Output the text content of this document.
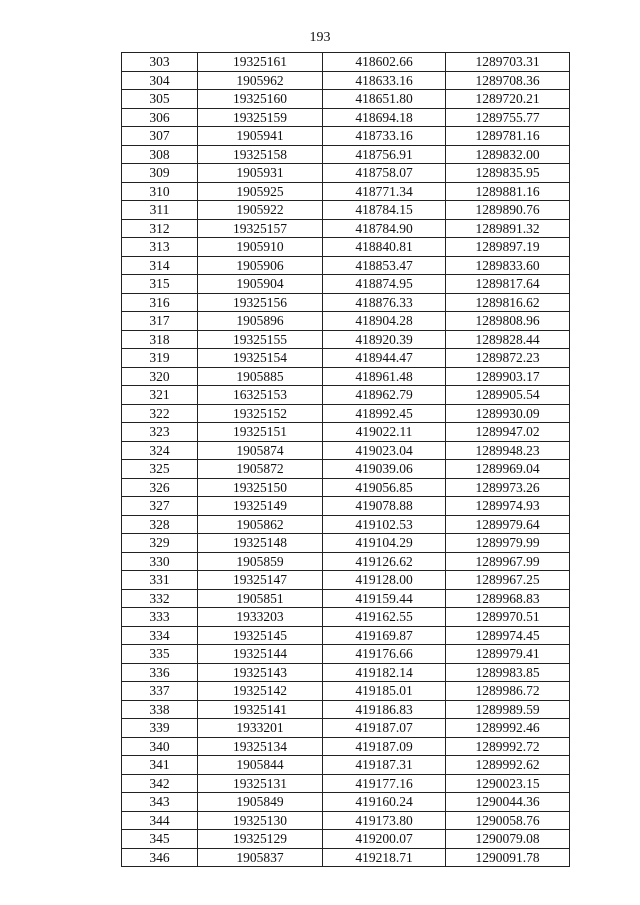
193
303	19325161	418602.66	1289703.31
304	1905962	418633.16	1289708.36
305	19325160	418651.80	1289720.21
306	19325159	418694.18	1289755.77
307	1905941	418733.16	1289781.16
308	19325158	418756.91	1289832.00
309	1905931	418758.07	1289835.95
310	1905925	418771.34	1289881.16
311	1905922	418784.15	1289890.76
312	19325157	418784.90	1289891.32
313	1905910	418840.81	1289897.19
314	1905906	418853.47	1289833.60
315	1905904	418874.95	1289817.64
316	19325156	418876.33	1289816.62
317	1905896	418904.28	1289808.96
318	19325155	418920.39	1289828.44
319	19325154	418944.47	1289872.23
320	1905885	418961.48	1289903.17
321	16325153	418962.79	1289905.54
322	19325152	418992.45	1289930.09
323	19325151	419022.11	1289947.02
324	1905874	419023.04	1289948.23
325	1905872	419039.06	1289969.04
326	19325150	419056.85	1289973.26
327	19325149	419078.88	1289974.93
328	1905862	419102.53	1289979.64
329	19325148	419104.29	1289979.99
330	1905859	419126.62	1289967.99
331	19325147	419128.00	1289967.25
332	1905851	419159.44	1289968.83
333	1933203	419162.55	1289970.51
334	19325145	419169.87	1289974.45
335	19325144	419176.66	1289979.41
336	19325143	419182.14	1289983.85
337	19325142	419185.01	1289986.72
338	19325141	419186.83	1289989.59
339	1933201	419187.07	1289992.46
340	19325134	419187.09	1289992.72
341	1905844	419187.31	1289992.62
342	19325131	419177.16	1290023.15
343	1905849	419160.24	1290044.36
344	19325130	419173.80	1290058.76
345	19325129	419200.07	1290079.08
346	1905837	419218.71	1290091.78
